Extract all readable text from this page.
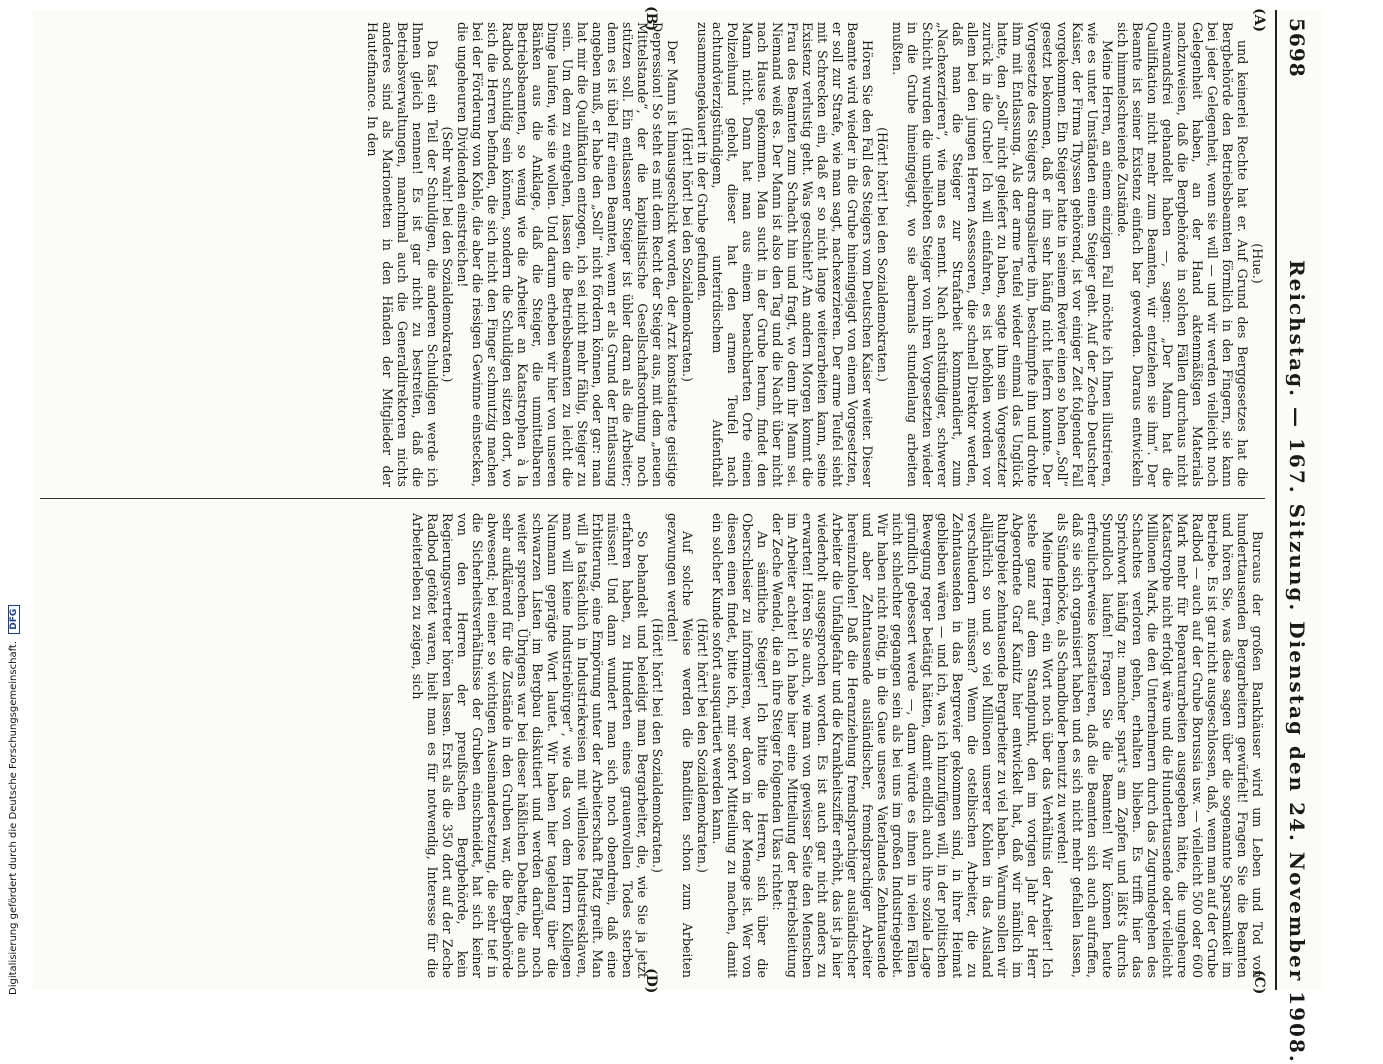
5698
Reichstag. — 167. Sitzung. Dienstag den 24. November 1908.
(A)
(B)
(C)
(D)

(Hue.)

und keinerlei Rechte hat er. Auf Grund des Berggesetzes hat die Bergbehörde den Betriebsbeamten förmlich in den Fingern, sie kann bei jeder Gelegenheit, wenn sie will — und wir werden vielleicht noch Gelegenheit haben, an der Hand aktenmäßigen Materials nachzuweisen, daß die Bergbehörde in solchen Fällen durchaus nicht einwandsfrei gehandelt haben —, sagen: „Der Mann hat die Qualifikation nicht mehr zum Beamten, wir entziehen sie ihm“. Der Beamte ist seiner Existenz einfach bar geworden. Daraus entwickeln sich himmelschreiende Zustände.

Meine Herren, an einem einzigen Fall möchte ich Ihnen illustrieren, wie es unter Umständen einem Steiger geht. Auf der Zeche Deutscher Kaiser, der Firma Thyssen gehörend, ist vor einiger Zeit folgender Fall vorgekommen. Ein Steiger hatte in seinem Revier einen so hohen „Soll“ gesetzt bekommen, daß er ihn sehr häufig nicht liefern konnte. Der Vorgesetzte des Steigers drangsalierte ihn, beschimpfte ihn und drohte ihm mit Entlassung. Als der arme Teufel wieder einmal das Unglück hatte, den „Soll“ nicht geliefert zu haben, sagte ihm sein Vorgesetzter zurück in die Grube! Ich will einfahren, es ist befohlen worden vor allem bei den jungen Herren Assessoren, die schnell Direktor werden, daß man die Steiger zur Strafarbeit kommandiert, zum „Nachexerzieren“, wie man es nennt. Nach achtstündiger, schwerer Schicht wurden die unbeliebten Steiger von ihren Vorgesetzten wieder in die Grube hineingejagt, wo sie abermals stundenlang arbeiten mußten.

(Hört! hört! bei den Sozialdemokraten.)

Hören Sie den Fall des Steigers vom Deutschen Kaiser weiter. Dieser Beamte wird wieder in die Grube hineingejagt von einem Vorgesetzten, er soll zur Strafe, wie man sagt, nachexerzieren. Der arme Teufel sieht mit Schrecken ein, daß er so nicht lange weiterarbeiten kann, seine Existenz verlustig geht. Was geschieht? Am andern Morgen kommt die Frau des Beamten zum Schacht hin und fragt, wo denn ihr Mann sei. Niemand weiß es. Der Mann ist also den Tag und die Nacht über nicht nach Hause gekommen. Man sucht in der Grube herum, findet den Mann nicht. Dann hat man aus einem benachbarten Orte einen Polizeihund geholt, dieser hat den armen Teufel nach achtundvierzigstündigem, unterirdischem Aufenthalt zusammengekauert in der Grube gefunden.

(Hört! hört! bei den Sozialdemokraten.)

Der Mann ist hinausgeschickt worden, der Arzt konstatierte geistige Depression! So steht es mit dem Recht der Steiger aus, mit dem „neuen Mittelstande“, der die kapitalistische Gesellschaftsordnung noch stützen soll. Ein entlassener Steiger ist übler daran als die Arbeiter; denn es ist übel für einen Beamten, wenn er als Grund der Entlassung angeben muß, er habe den „Soll“ nicht fördern können, oder gar: man hat mir die Qualifikation entzogen, ich sei nicht mehr fähig, Steiger zu sein. Um dem zu entgehen, lassen die Betriebsbeamten zu leicht die Dinge laufen, wie sie wollen. Und darum erheben wir hier von unseren Bänken aus die Anklage, daß die Steiger, die unmittelbaren Betriebsbeamten, so wenig wie die Arbeiter an Katastrophen à la Radbod schuldig sein können, sondern die Schuldigen sitzen dort, wo sich die Herren befinden, die sich nicht den Finger schmutzig machen bei der Förderung von Kohle, die aber die riesigen Gewinne einstecken, die ungeheuren Dividenden einstreichen!

(Sehr wahr! bei den Sozialdemokraten.)

Da fast ein Teil der Schuldigen, die anderen Schuldigen werde ich Ihnen gleich nennen! Es ist gar nicht zu bestreiten, daß die Betriebsverwaltungen, manchmal auch die Generaldirektoren nichts anderes sind als Marionetten in den Händen der Mitglieder der Hautefinance. In den

Burcaus der großen Bankhäuser wird um Leben und Tod von hunderttausenden Bergarbeitern gewürfelt! Fragen Sie die Beamten und hören Sie, was diese sagen über die sogenannte Sparsamkeit im Betriebe. Es ist gar nicht ausgeschlossen, daß, wenn man auf der Grube Radbod — auch auf der Grube Borussia usw. — vielleicht 500 oder 600 Mark mehr für Reparaturarbeiten ausgegeben hätte, die ungeheure Katastrophe nicht erfolgt wäre und die Hunderttausende oder vielleicht Millionen Mark, die den Unternehmern durch das Zugrundegehen des Schachtes verloren gehen, erhalten blieben. Es trifft hier das Sprichwort häufig zu: mancher spart's am Zapfen und läßt's durchs Spundloch laufen! Fragen Sie die Beamten! Wir können heute erfreulicherweise konstatieren, daß die Beamten sich auch aufraffen, daß sie sich organisiert haben und es sich nicht mehr gefallen lassen, als Sündenböcke, als Schandbuder benutzt zu werden!

Meine Herren, ein Wort noch über das Verhältnis der Arbeiter! Ich stehe ganz auf dem Standpunkt, den im vorigen Jahr der Herr Abgeordnete Graf Kanitz hier entwickelt hat, daß wir nämlich im Ruhrgebiet zehntausende Bergarbeiter zu viel haben. Warum sollen wir alljährlich so und so viel Millionen unserer Kohlen in das Ausland verschleudern müssen? Wenn die ostelbischen Arbeiter, die zu Zehntausenden in das Bergrevier gekommen sind, in ihrer Heimat geblieben wären — und ich, was ich hinzufügen will, in der politischen Bewegung reger betätigt hätten, damit endlich auch ihre soziale Lage gründlich gebessert werde —, dann würde es ihnen in vielen Fällen nicht schlechter gegangen sein als bei uns im großen Industriegebiet. Wir haben nicht nötig, in die Gaue unseres Vaterlandes Zehntausende und aber Zehntausende ausländischer, fremdsprachiger Arbeiter hereinzuholen! Daß die Heranziehung fremdsprachiger ausländischer Arbeiter die Unfallgefahr und die Krankheitsziffer erhöht, das ist ja hier wiederholt ausgesprochen worden. Es ist auch gar nicht anders zu erwarten! Hören Sie auch, wie man von gewisser Seite den Menschen im Arbeiter achtet! Ich habe hier eine Mitteilung der Betriebsleitung der Zeche Wendel, die an ihre Steiger folgenden Ukas richtet:

An sämtliche Steiger! Ich bitte die Herren, sich über die Oberschlesier zu informieren, wer davon in der Menage ist. Wer von diesen einen findet, bitte ich, mir sofort Mitteilung zu machen, damit ein solcher Kunde sofort ausquartiert werden kann.

(Hört! hört! bei den Sozialdemokraten.)

Auf solche Weise werden die Bandiiten schon zum Arbeiten gezwungen werden!

(Hört! hört! bei den Sozialdemokraten.)

So behandelt und beleidigt man Bergarbeiter, die, wie Sie ja jetzt erfahren haben, zu Hunderten eines grauenvollen Todes sterben müssen! Und dann wundert man sich noch obendrein, daß eine Erbitterung, eine Empörung unter der Arbeiterschaft Platz greift. Man will ja tatsächlich in Industriekreisen mit willenlose Industriesklaven, man will keine Industriebürger“, wie das von dem Herrn Kollegen Naumann geprägte Wort lautet. Wir haben hier tagelang über die schwarzen Listen im Bergbau diskutiert und werden darüber noch weiter sprechen. Übrigens war bei dieser häßlichen Debatte, die auch sehr aufklärend für die Zustände in den Gruben war, die Bergbehörde abwesend; bei einer so wichtigen Auseinandersetzung, die sehr tief in die Sicherheitsverhältnisse der Gruben einschneidet, hat sich keiner von den Herren der preußischen Bergbehörde, kein Regierungsvertreter hören lassen. Erst als die 350 dort auf der Zeche Radbod getötet waren, hielt man es für notwendig, Interesse für die Arbeiterleben zu zeigen, sich

Digitalisierung gefördert durch die Deutsche Forschungsgemeinschaft. DFG
